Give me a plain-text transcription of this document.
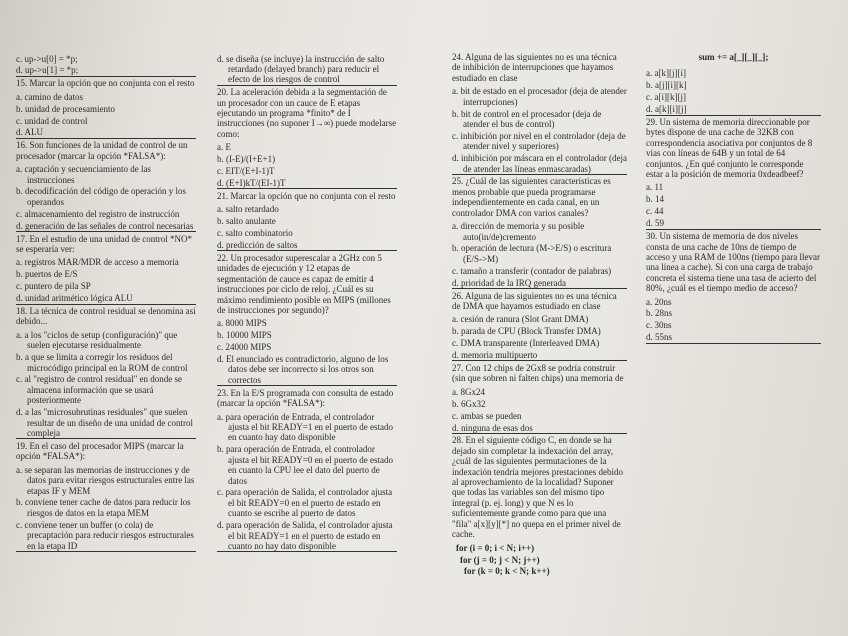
c. up->u[0] = *p;
d. up->u[1] = *p;
15. Marcar la opción que no conjunta con el resto
a. camino de datos
b. unidad de procesamiento
c. unidad de control
d. ALU
16. Son funciones de la unidad de control de un procesador (marcar la opción *FALSA*):
a. captación y secuenciamiento de las instrucciones
b. decodificación del código de operación y los operandos
c. almacenamiento del registro de instrucción
d. generación de las señales de control necesarias
17. En el estudio de una unidad de control *NO* se esperaría ver:
a. registros MAR/MDR de acceso a memoria
b. puertos de E/S
c. puntero de pila SP
d. unidad aritmético lógica ALU
18. La técnica de control residual se denomina así debido...
a. a los "ciclos de setup (configuración)" que suelen ejecutarse residualmente
b. a que se limita a corregir los residuos del microcódigo principal en la ROM de control
c. al "registro de control residual" en donde se almacena información que se usará posteriormente
d. a las "microsubrutinas residuales" que suelen resultar de un diseño de una unidad de control compleja
19. En el caso del procesador MIPS (marcar la opción *FALSA*):
a. se separan las memorias de instrucciones y de datos para evitar riesgos estructurales entre las etapas IF y MEM
b. conviene tener cache de datos para reducir los riesgos de datos en la etapa MEM
c. conviene tener un buffer (o cola) de precaptación para reducir riesgos estructurales en la etapa ID
d. se diseña (se incluye) la instrucción de salto retardado (delayed branch) para reducir el efecto de los riesgos de control
20. La aceleración debida a la segmentación de un procesador con un cauce de E etapas ejecutando un programa *finito* de I instrucciones (no suponer I→∞) puede modelarse como:
a. E
b. (I-E)/(I+E+1)
c. EIT/(E+I-1)T
d. (E+I)kT/(EI-1)T
21. Marcar la opción que no conjunta con el resto
a. salto retardado
b. salto anulante
c. salto combinatorio
d. predicción de saltos
22. Un procesador superescalar a 2GHz con 5 unidades de ejecución y 12 etapas de segmentación de cauce es capaz de emitir 4 instrucciones por ciclo de reloj. ¿Cuál es su máximo rendimiento posible en MIPS (millones de instrucciones por segundo)?
a. 8000 MIPS
b. 10000 MIPS
c. 24000 MIPS
d. El enunciado es contradictorio, alguno de los datos debe ser incorrecto si los otros son correctos
23. En la E/S programada con consulta de estado (marcar la opción *FALSA*):
a. para operación de Entrada, el controlador ajusta el bit READY=1 en el puerto de estado en cuanto hay dato disponible
b. para operación de Entrada, el controlador ajusta el bit READY=0 en el puerto de estado en cuanto la CPU lee el dato del puerto de datos
c. para operación de Salida, el controlador ajusta el bit READY=0 en el puerto de estado en cuanto se escribe al puerto de datos
d. para operación de Salida, el controlador ajusta el bit READY=1 en el puerto de estado en cuanto no hay dato disponible
24. Alguna de las siguientes no es una técnica de inhibición de interrupciones que hayamos estudiado en clase
a. bit de estado en el procesador (deja de atender interrupciones)
b. bit de control en el procesador (deja de atender el bus de control)
c. inhibición por nivel en el controlador (deja de atender nivel y superiores)
d. inhibición por máscara en el controlador (deja de atender las líneas enmascaradas)
25. ¿Cuál de las siguientes características es menos probable que pueda programarse independientemente en cada canal, en un controlador DMA con varios canales?
a. dirección de memoria y su posible auto(in/de)cremento
b. operación de lectura (M->E/S) o escritura (E/S->M)
c. tamaño a transferir (contador de palabras)
d. prioridad de la IRQ generada
26. Alguna de las siguientes no es una técnica de DMA que hayamos estudiado en clase
a. cesión de ranura (Slot Grant DMA)
b. parada de CPU (Block Transfer DMA)
c. DMA transparente (Interleaved DMA)
d. memoria multipuerto
27. Con 12 chips de 2Gx8 se podría construir (sin que sobren ni falten chips) una memoria de
a. 8Gx24
b. 6Gx32
c. ambas se pueden
d. ninguna de esas dos
28. En el siguiente código C, en donde se ha dejado sin completar la indexación del array, ¿cuál de las siguientes permutaciones de la indexación tendría mejores prestaciones debido al aprovechamiento de la localidad? Suponer que todas las variables son del mismo tipo integral (p. ej. long) y que N es lo suficientemente grande como para que una "fila" a[x][y][*] no quepa en el primer nivel de cache.
for (i = 0; i < N; i++)
for (j = 0; j < N; j++)
for (k = 0; k < N; k++)
sum += a[_][_][_];
a. a[k][j][i]
b. a[j][i][k]
c. a[i][k][j]
d. a[k][i][j]
29. Un sistema de memoria direccionable por bytes dispone de una cache de 32KB con correspondencia asociativa por conjuntos de 8 vías con líneas de 64B y un total de 64 conjuntos. ¿En qué conjunto le corresponde estar a la posición de memoria 0xdeadbeef?
a. 11
b. 14
c. 44
d. 59
30. Un sistema de memoria de dos niveles consta de una cache de 10ns de tiempo de acceso y una RAM de 100ns (tiempo para llevar una línea a cache). Si con una carga de trabajo concreta el sistema tiene una tasa de acierto del 80%, ¿cuál es el tiempo medio de acceso?
a. 20ns
b. 28ns
c. 30ns
d. 55ns
